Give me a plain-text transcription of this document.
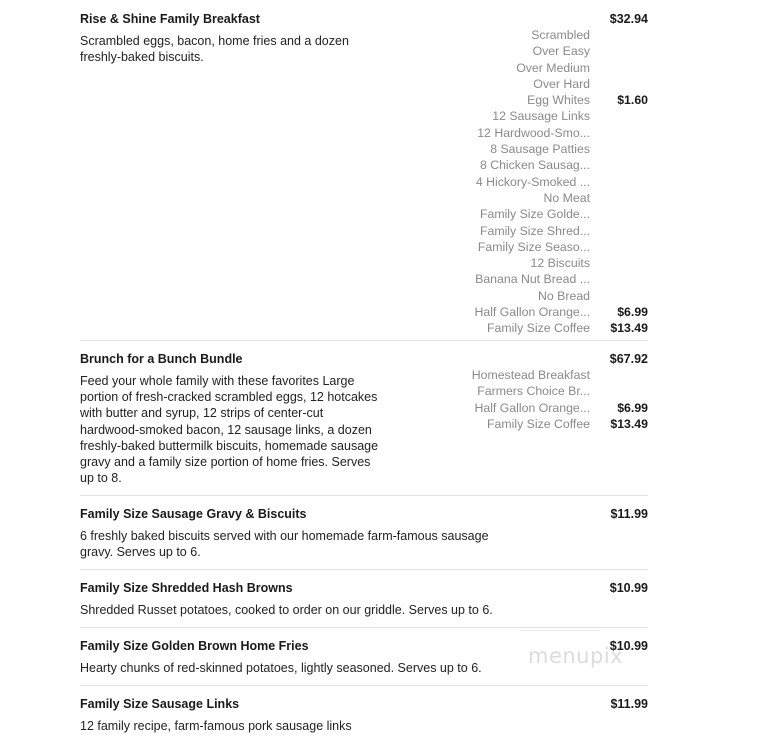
Rise & Shine Family Breakfast	$32.94
Scrambled eggs, bacon, home fries and a dozen freshly-baked biscuits.
Scrambled
Over Easy
Over Medium
Over Hard
Egg Whites $1.60
12 Sausage Links
12 Hardwood-Smo...
8 Sausage Patties
8 Chicken Sausag...
4 Hickory-Smoked ...
No Meat
Family Size Golde...
Family Size Shred...
Family Size Seaso...
12 Biscuits
Banana Nut Bread ...
No Bread
Half Gallon Orange... $6.99
Family Size Coffee $13.49
Brunch for a Bunch Bundle	$67.92
Feed your whole family with these favorites Large portion of fresh-cracked scrambled eggs, 12 hotcakes with butter and syrup, 12 strips of center-cut hardwood-smoked bacon, 12 sausage links, a dozen freshly-baked buttermilk biscuits, homemade sausage gravy and a family size portion of home fries. Serves up to 8.
Homestead Breakfast
Farmers Choice Br...
Half Gallon Orange... $6.99
Family Size Coffee $13.49
Family Size Sausage Gravy & Biscuits	$11.99
6 freshly baked biscuits served with our homemade farm-famous sausage gravy. Serves up to 6.
Family Size Shredded Hash Browns	$10.99
Shredded Russet potatoes, cooked to order on our griddle. Serves up to 6.
Family Size Golden Brown Home Fries	$10.99
Hearty chunks of red-skinned potatoes, lightly seasoned. Serves up to 6.
Family Size Sausage Links	$11.99
12 family recipe, farm-famous pork sausage links
menupix
